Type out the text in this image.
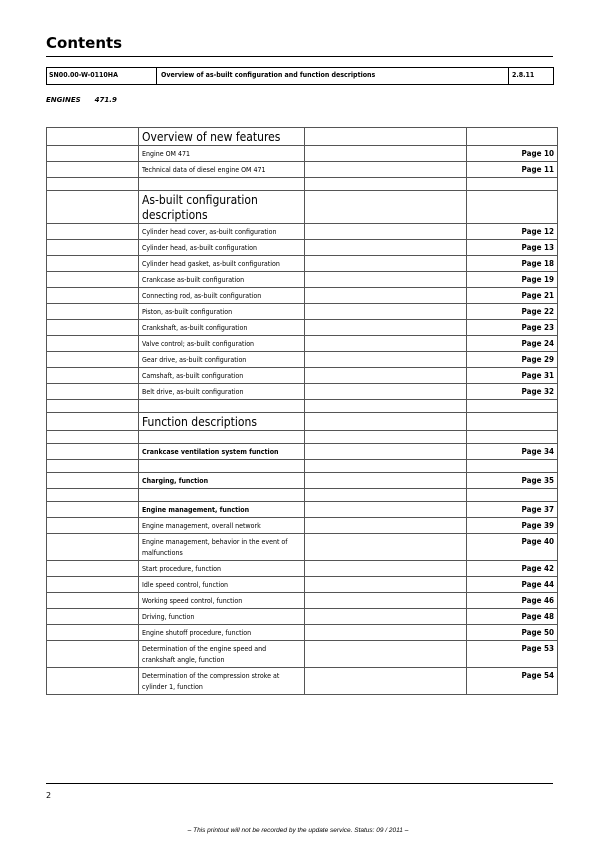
Contents
SN00.00-W-0110HA	Overview of as-built configuration and function descriptions	2.8.11
ENGINES 471.9
	Overview of new features		
	Engine OM 471		Page 10
	Technical data of diesel engine OM 471		Page 11

	As-built configuration descriptions		
	Cylinder head cover, as-built configuration		Page 12
	Cylinder head, as-built configuration		Page 13
	Cylinder head gasket, as-built configuration		Page 18
	Crankcase as-built configuration		Page 19
	Connecting rod, as-built configuration		Page 21
	Piston, as-built configuration		Page 22
	Crankshaft, as-built configuration		Page 23
	Valve control; as-built configuration		Page 24
	Gear drive, as-built configuration		Page 29
	Camshaft, as-built configuration		Page 31
	Belt drive, as-built configuration		Page 32

	Function descriptions		

	Crankcase ventilation system function		Page 34

	Charging, function		Page 35

	Engine management, function		Page 37
	Engine management, overall network		Page 39
	Engine management, behavior in the event of malfunctions		Page 40
	Start procedure, function		Page 42
	Idle speed control, function		Page 44
	Working speed control, function		Page 46
	Driving, function		Page 48
	Engine shutoff procedure, function		Page 50
	Determination of the engine speed and crankshaft angle, function		Page 53
	Determination of the compression stroke at cylinder 1, function		Page 54
2
– This printout will not be recorded by the update service. Status: 09 / 2011 –
